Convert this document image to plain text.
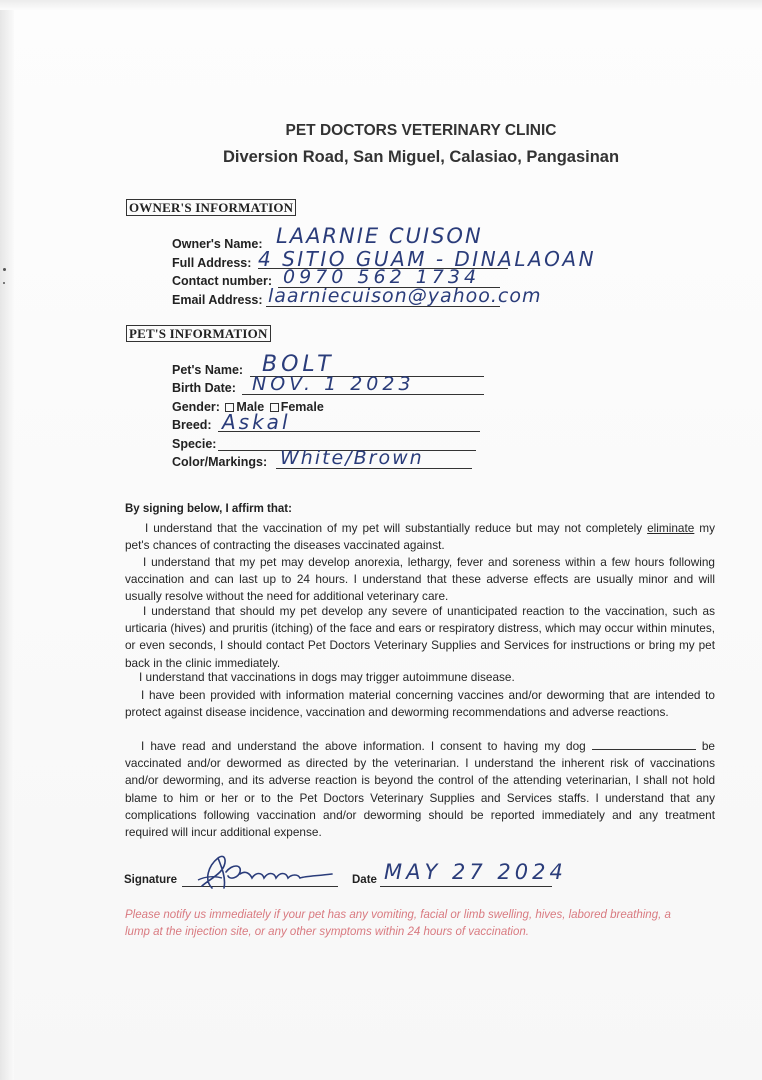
PET DOCTORS VETERINARY CLINIC
Diversion Road, San Miguel, Calasiao, Pangasinan
OWNER'S INFORMATION
Owner's Name: LAARNIE CUISON
Full Address: 4 SITIO GUAM - DINALAOAN
Contact number: 0970 562 1734
Email Address: laarniecuison@yahoo.com
PET'S INFORMATION
Pet's Name: BOLT
Birth Date: NOV. 1 2023
Gender: Male Female
Breed: Askal
Specie:
Color/Markings: White/Brown
By signing below, I affirm that:
I understand that the vaccination of my pet will substantially reduce but may not completely eliminate my pet's chances of contracting the diseases vaccinated against.
I understand that my pet may develop anorexia, lethargy, fever and soreness within a few hours following vaccination and can last up to 24 hours. I understand that these adverse effects are usually minor and will usually resolve without the need for additional veterinary care.
I understand that should my pet develop any severe of unanticipated reaction to the vaccination, such as urticaria (hives) and pruritis (itching) of the face and ears or respiratory distress, which may occur within minutes, or even seconds, I should contact Pet Doctors Veterinary Supplies and Services for instructions or bring my pet back in the clinic immediately.
I understand that vaccinations in dogs may trigger autoimmune disease.
I have been provided with information material concerning vaccines and/or deworming that are intended to protect against disease incidence, vaccination and deworming recommendations and adverse reactions.
I have read and understand the above information. I consent to having my dog	be vaccinated and/or dewormed as directed by the veterinarian. I understand the inherent risk of vaccinations and/or deworming, and its adverse reaction is beyond the control of the attending veterinarian, I shall not hold blame to him or her or to the Pet Doctors Veterinary Supplies and Services staffs. I understand that any complications following vaccination and/or deworming should be reported immediately and any treatment required will incur additional expense.
Signature	Date MAY 27 2024
Please notify us immediately if your pet has any vomiting, facial or limb swelling, hives, labored breathing, a lump at the injection site, or any other symptoms within 24 hours of vaccination.
